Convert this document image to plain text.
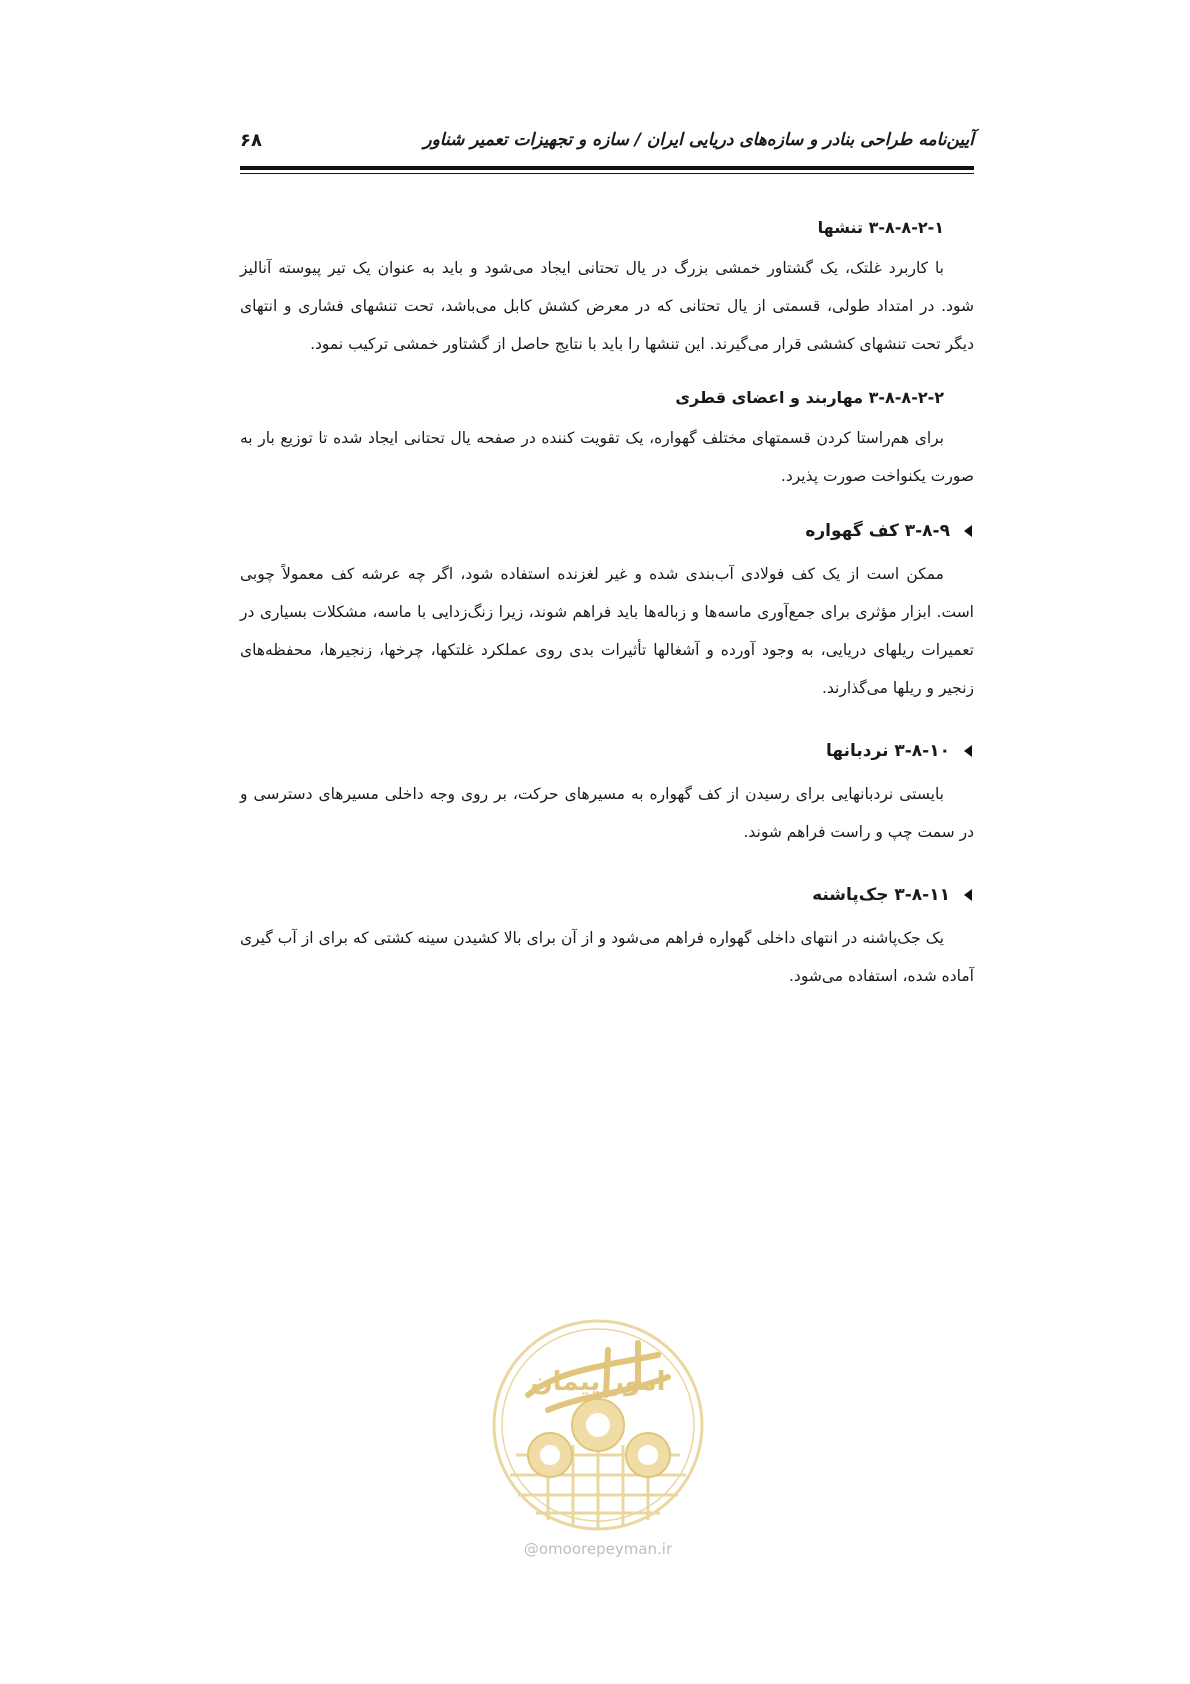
آیین‌نامه طراحی بنادر و سازه‌های دریایی ایران / سازه و تجهیزات تعمیر شناور
۶۸
۳-۸-۸-۲-۱ تنشها

با کاربرد غلتک، یک گشتاور خمشی بزرگ در یال تحتانی ایجاد می‌شود و باید به عنوان یک تیر پیوسته آنالیز شود. در امتداد طولی، قسمتی از یال تحتانی که در معرض کشش کابل می‌باشد، تحت تنشهای فشاری و انتهای دیگر تحت تنشهای کششی قرار می‌گیرند. این تنشها را باید با نتایج حاصل از گشتاور خمشی ترکیب نمود.

۳-۸-۸-۲-۲ مهاربند و اعضای قطری

برای هم‌راستا کردن قسمتهای مختلف گهواره، یک تقویت کننده در صفحه یال تحتانی ایجاد شده تا توزیع بار به صورت یکنواخت صورت پذیرد.

۳-۸-۹ کف گهواره

ممکن است از یک کف فولادی آب‌بندی شده و غیر لغزنده استفاده شود، اگر چه عرشه کف معمولاً چوبی است. ابزار مؤثری برای جمع‌آوری ماسه‌ها و زباله‌ها باید فراهم شوند، زیرا زنگ‌زدایی با ماسه، مشکلات بسیاری در تعمیرات ریلهای دریایی، به وجود آورده و آشغالها تأثیرات بدی روی عملکرد غلتکها، چرخها، زنجیرها، محفظه‌های زنجیر و ریلها می‌گذارند.

۳-۸-۱۰ نردبانها

بایستی نردبانهایی برای رسیدن از کف گهواره به مسیرهای حرکت، بر روی وجه داخلی مسیرهای دسترسی و در سمت چپ و راست فراهم شوند.

۳-۸-۱۱ جک‌پاشنه

یک جک‌پاشنه در انتهای داخلی گهواره فراهم می‌شود و از آن برای بالا کشیدن سینه کشتی که برای از آب گیری آماده شده، استفاده می‌شود.

امور پیمان
@omoorepeyman.ir
